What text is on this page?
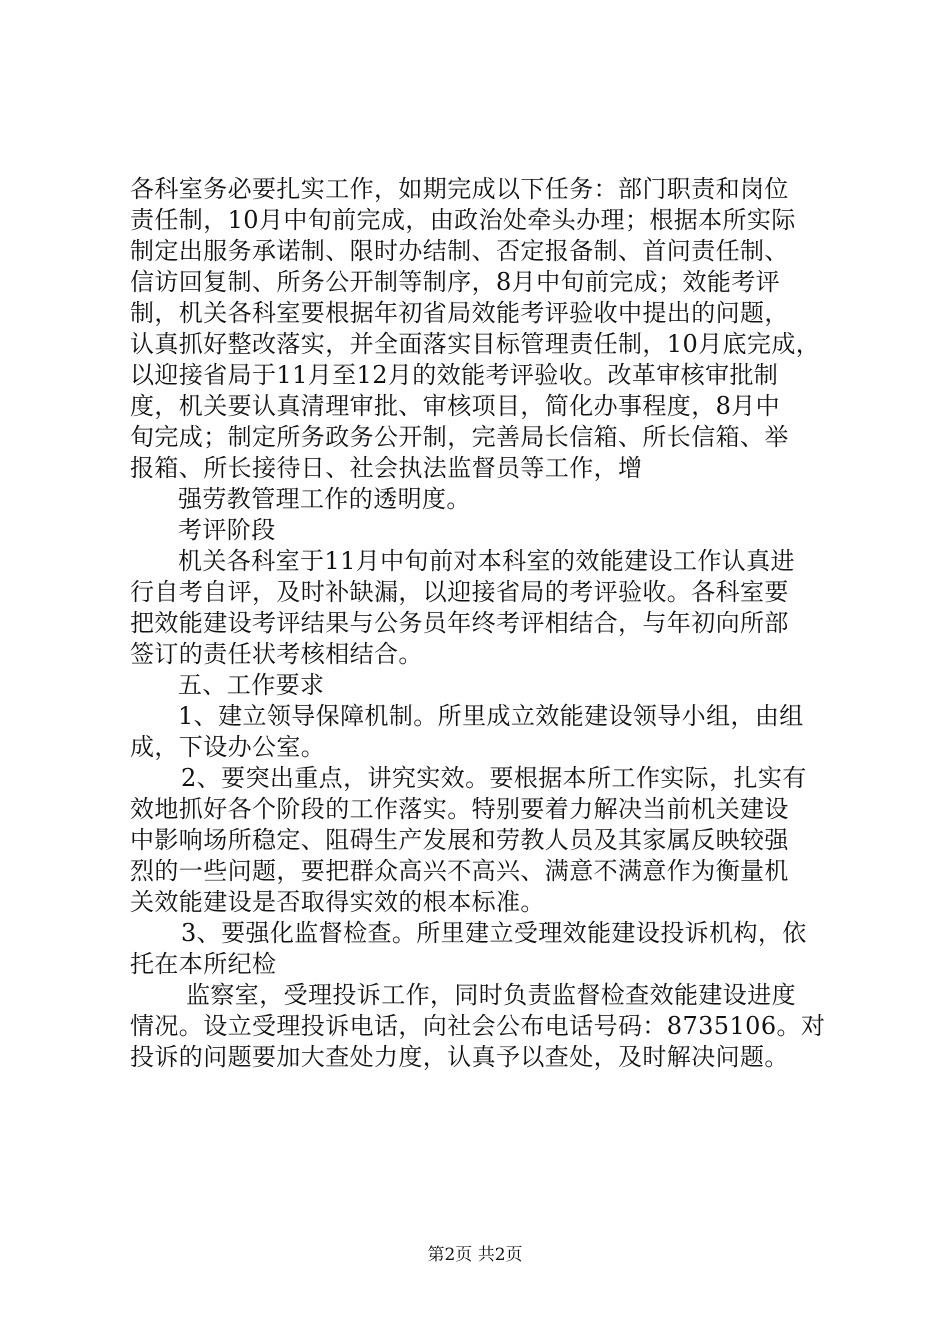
各科室务必要扎实工作，如期完成以下任务：部门职责和岗位
责任制，10月中旬前完成，由政治处牵头办理；根据本所实际
制定出服务承诺制、限时办结制、否定报备制、首问责任制、
信访回复制、所务公开制等制序，8月中旬前完成；效能考评
制，机关各科室要根据年初省局效能考评验收中提出的问题，
认真抓好整改落实，并全面落实目标管理责任制，10月底完成，
以迎接省局于11月至12月的效能考评验收。改革审核审批制
度，机关要认真清理审批、审核项目，简化办事程度，8月中
旬完成；制定所务政务公开制，完善局长信箱、所长信箱、举
报箱、所长接待日、社会执法监督员等工作，增
强劳教管理工作的透明度。
考评阶段
机关各科室于11月中旬前对本科室的效能建设工作认真进
行自考自评，及时补缺漏，以迎接省局的考评验收。各科室要
把效能建设考评结果与公务员年终考评相结合，与年初向所部
签订的责任状考核相结合。
五、工作要求
1、建立领导保障机制。所里成立效能建设领导小组，由组
成，下设办公室。
2、要突出重点，讲究实效。要根据本所工作实际，扎实有
效地抓好各个阶段的工作落实。特别要着力解决当前机关建设
中影响场所稳定、阻碍生产发展和劳教人员及其家属反映较强
烈的一些问题，要把群众高兴不高兴、满意不满意作为衡量机
关效能建设是否取得实效的根本标准。
3、要强化监督检查。所里建立受理效能建设投诉机构，依
托在本所纪检
监察室，受理投诉工作，同时负责监督检查效能建设进度
情况。设立受理投诉电话，向社会公布电话号码：8735106。对
投诉的问题要加大查处力度，认真予以查处，及时解决问题。
第2页 共2页
